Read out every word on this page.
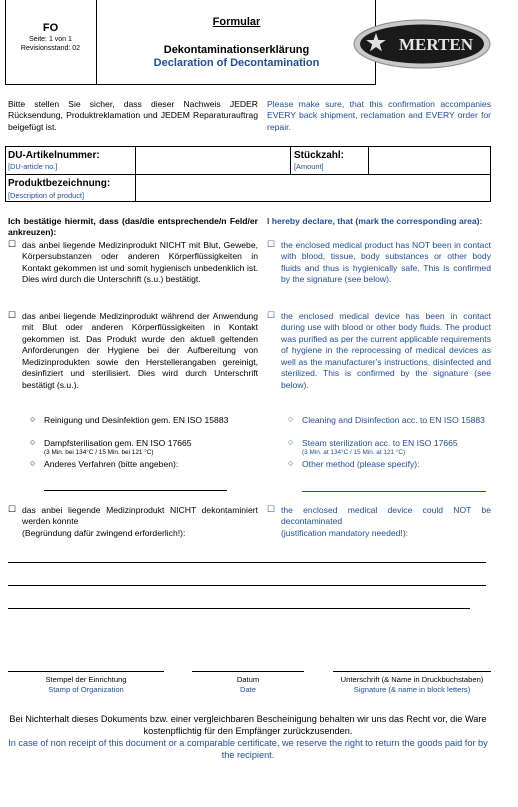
FO
Seite: 1 von 1
Revisionsstand: 02
Formular
Dekontaminationserklärung
Declaration of Decontamination
MERTEN
Bitte stellen Sie sicher, dass dieser Nachweis JEDER Rücksendung, Produktreklamation und JEDEM Reparaturauftrag beigefügt ist.
Please make sure, that this confirmation accompanies EVERY back shipment, reclamation and EVERY order for repair.
DU-Artikelnummer:
[DU-article no.]
Stückzahl:
[Amount]
Produktbezeichnung:
[Description of product]
Ich bestätige hiermit, dass (das/die entsprechende/n Feld/er ankreuzen):
I hereby declare, that (mark the corresponding area):
☐ das anbei liegende Medizinprodukt NICHT mit Blut, Gewebe, Körpersubstanzen oder anderen Körperflüssigkeiten in Kontakt gekommen ist und somit hygienisch unbedenklich ist. Dies wird durch die Unterschrift (s.u.) bestätigt.
☐ the enclosed medical product has NOT been in contact with blood, tissue, body substances or other body fluids and thus is hygienically safe. This is confirmed by the signature (see below).
☐ das anbei liegende Medizinprodukt während der Anwendung mit Blut oder anderen Körperflüssigkeiten in Kontakt gekommen ist. Das Produkt wurde den aktuell geltenden Anforderungen der Hygiene bei der Aufbereitung von Medizinprodukten sowie den Herstellerangaben gereinigt, desinfiziert und sterilisiert. Dies wird durch Unterschrift bestätigt (s.u.).
☐ the enclosed medical device has been in contact during use with blood or other body fluids. The product was purified as per the current applicable requirements of hygiene in the reprocessing of medical devices as well as the manufacturer's instructions, disinfected and sterilized. This is confirmed by the signature (see below).
○ Reinigung und Desinfektion gem. EN ISO 15883
○ Dampfsterilisation gem. EN ISO 17665
(3 Min. bei 134°C / 15 Min. bei 121 °C)
○ Anderes Verfahren (bitte angeben):
○ Cleaning and Disinfection acc. to EN ISO 15883
○ Steam sterilization acc. to EN ISO 17665
(3 Min. at 134°C / 15 Min. at 121 °C)
○ Other method (please specify):
☐ das anbei liegende Medizinprodukt NICHT dekontaminiert werden konnte
(Begründung dafür zwingend erforderlich!):
☐ the enclosed medical device could NOT be decontaminated
(justification mandatory needed!):
Stempel der Einrichtung
Stamp of Organization
Datum
Date
Unterschrift (& Name in Druckbuchstaben)
Signature (& name in block letters)
Bei Nichterhalt dieses Dokuments bzw. einer vergleichbaren Bescheinigung behalten wir uns das Recht vor, die Ware kostenpflichtig für den Empfänger zurückzusenden.
In case of non receipt of this document or a comparable certificate, we reserve the right to return the goods paid for by the recipient.
